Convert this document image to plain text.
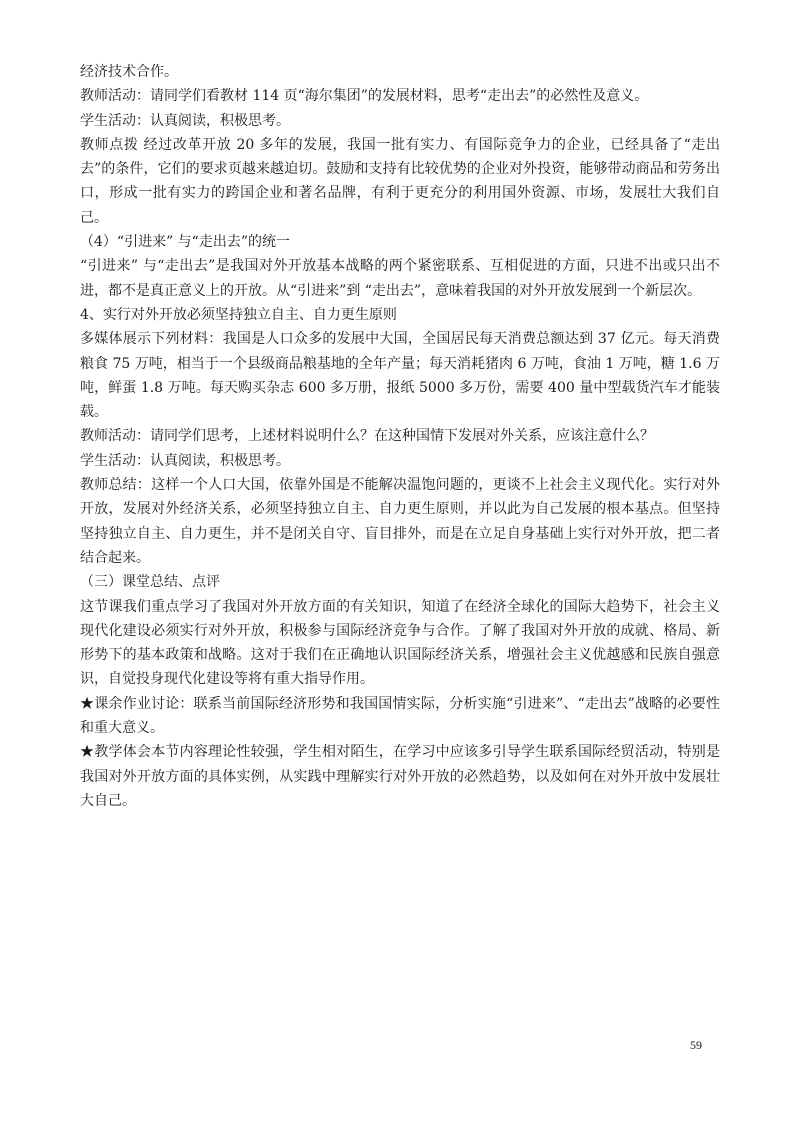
经济技术合作。

教师活动：请同学们看教材 114 页“海尔集团”的发展材料，思考“走出去”的必然性及意义。

学生活动：认真阅读，积极思考。

教师点拨 经过改革开放 20 多年的发展，我国一批有实力、有国际竞争力的企业，已经具备了“走出去”的条件，它们的要求页越来越迫切。鼓励和支持有比较优势的企业对外投资，能够带动商品和劳务出口，形成一批有实力的跨国企业和著名品牌，有利于更充分的利用国外资源、市场，发展壮大我们自己。

（4）“引进来” 与“走出去”的统一

“引进来” 与“走出去”是我国对外开放基本战略的两个紧密联系、互相促进的方面，只进不出或只出不进，都不是真正意义上的开放。从“引进来”到 “走出去”，意味着我国的对外开放发展到一个新层次。

4、实行对外开放必须坚持独立自主、自力更生原则

多媒体展示下列材料：我国是人口众多的发展中大国，全国居民每天消费总额达到 37 亿元。每天消费粮食 75 万吨，相当于一个县级商品粮基地的全年产量；每天消耗猪肉 6 万吨，食油 1 万吨，糖 1.6 万吨，鲜蛋 1.8 万吨。每天购买杂志 600 多万册，报纸 5000 多万份，需要 400 量中型载货汽车才能装载。

教师活动：请同学们思考，上述材料说明什么？在这种国情下发展对外关系，应该注意什么？

学生活动：认真阅读，积极思考。

教师总结：这样一个人口大国，依靠外国是不能解决温饱问题的，更谈不上社会主义现代化。实行对外开放，发展对外经济关系，必须坚持独立自主、自力更生原则，并以此为自己发展的根本基点。但坚持坚持独立自主、自力更生，并不是闭关自守、盲目排外，而是在立足自身基础上实行对外开放，把二者结合起来。

（三）课堂总结、点评

这节课我们重点学习了我国对外开放方面的有关知识，知道了在经济全球化的国际大趋势下，社会主义现代化建设必须实行对外开放，积极参与国际经济竞争与合作。了解了我国对外开放的成就、格局、新形势下的基本政策和战略。这对于我们在正确地认识国际经济关系，增强社会主义优越感和民族自强意识，自觉投身现代化建设等将有重大指导作用。

★课余作业讨论：联系当前国际经济形势和我国国情实际，分析实施“引进来”、“走出去”战略的必要性和重大意义。

★教学体会本节内容理论性较强，学生相对陌生，在学习中应该多引导学生联系国际经贸活动，特别是我国对外开放方面的具体实例，从实践中理解实行对外开放的必然趋势，以及如何在对外开放中发展壮大自己。

59
